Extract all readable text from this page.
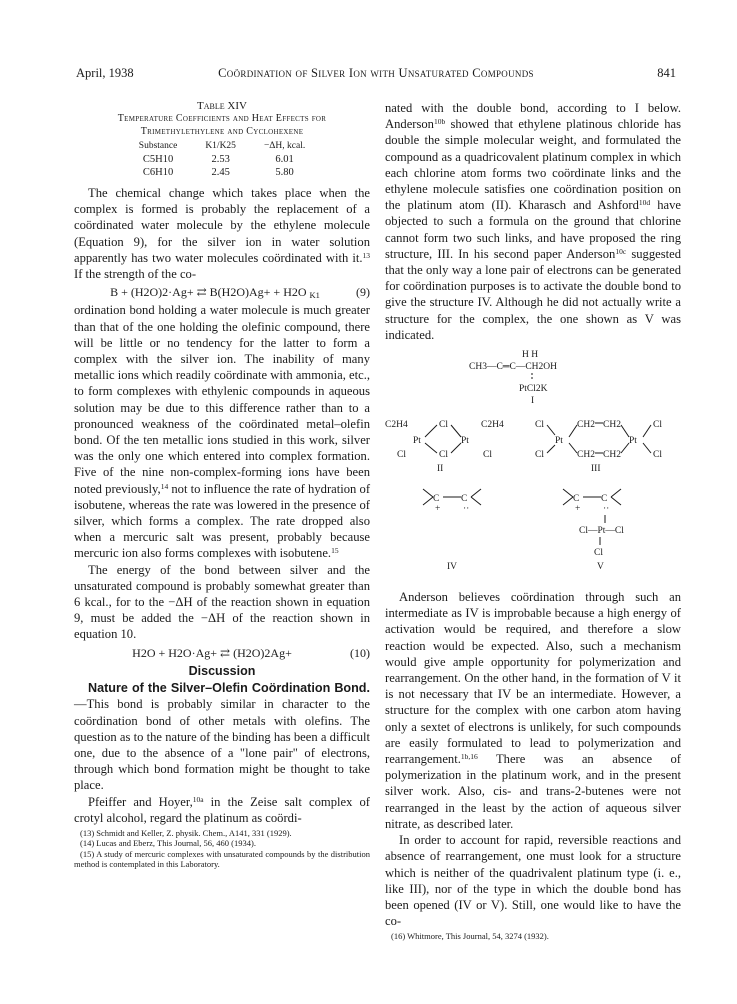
April, 1938	Coördination of Silver Ion with Unsaturated Compounds	841
Table XIV
Temperature Coefficients and Heat Effects for
Trimethylethylene and Cyclohexene
Substance	K1/K25	−ΔH, kcal.
C5H10	2.53	6.01
C6H10	2.45	5.80

The chemical change which takes place when the complex is formed is probably the replacement of a coördinated water molecule by the ethylene molecule (Equation 9), for the silver ion in water solution apparently has two water molecules coördinated with it.$^{13}$ If the strength of the co-

B + (H2O)2·Ag+ ⇄ B(H2O)Ag+ + H2O $_{K1}$	(9)

ordination bond holding a water molecule is much greater than that of the one holding the olefinic compound, there will be little or no tendency for the latter to form a complex with the silver ion. The inability of many metallic ions which readily coördinate with ammonia, etc., to form complexes with ethylenic compounds in aqueous solution may be due to this difference rather than to a pronounced weakness of the coördinated metal–olefin bond. Of the ten metallic ions studied in this work, silver was the only one which entered into complex formation. Five of the nine non-complex-forming ions have been noted previously,$^{14}$ not to influence the rate of hydration of isobutene, whereas the rate was lowered in the presence of silver, which forms a complex. The rate dropped also when a mercuric salt was present, probably because mercuric ion also forms complexes with isobutene.$^{15}$

The energy of the bond between silver and the unsaturated compound is probably somewhat greater than 6 kcal., for to the −ΔH of the reaction shown in equation 9, must be added the −ΔH of the reaction shown in equation 10.

H2O + H2O·Ag+ ⇄ (H2O)2Ag+	(10)
Discussion

Nature of the Silver–Olefin Coördination Bond.—This bond is probably similar in character to the coördination bond of other metals with olefins. The question as to the nature of the binding has been a difficult one, due to the absence of a "lone pair" of electrons, through which bond formation might be thought to take place.

Pfeiffer and Hoyer,$^{10a}$ in the Zeise salt complex of crotyl alcohol, regard the platinum as coördi-

(13) Schmidt and Keller, Z. physik. Chem., A141, 331 (1929).
(14) Lucas and Eberz, This Journal, 56, 460 (1934).
(15) A study of mercuric complexes with unsaturated compounds by the distribution method is contemplated in this Laboratory.

nated with the double bond, according to I below. Anderson$^{10b}$ showed that ethylene platinous chloride has double the simple molecular weight, and formulated the compound as a quadricovalent platinum complex in which each chlorine atom forms two coördinate links and the ethylene molecule satisfies one coördination position on the platinum atom (II). Kharasch and Ashford$^{10d}$ have objected to such a formula on the ground that chlorine cannot form two such links, and have proposed the ring structure, III. In his second paper Anderson$^{10c}$ suggested that the only way a lone pair of electrons can be generated for coördination purposes is to activate the double bond to give the structure IV. Although he did not actually write a structure for the complex, the one shown as V was indicated.

H H
CH3—C═C—CH2OH
PtCl2K
I
C2H4
Pt
Cl
Cl
Pt
C2H4
Cl	Cl
II
Cl
Cl
Pt
CH2 CH2
CH2 CH2
Pt
Cl
Cl
III
C C
+ ··
IV
C C
+ ··
Cl—Pt—Cl
Cl
V

Anderson believes coördination through such an intermediate as IV is improbable because a high energy of activation would be required, and therefore a slow reaction would be expected. Also, such a mechanism would give ample opportunity for polymerization and rearrangement. On the other hand, in the formation of V it is not necessary that IV be an intermediate. However, a structure for the complex with one carbon atom having only a sextet of electrons is unlikely, for such compounds are easily formulated to lead to polymerization and rearrangement.$^{1b,16}$ There was an absence of polymerization in the platinum work, and in the present silver work. Also, cis- and trans-2-butenes were not rearranged in the least by the action of aqueous silver nitrate, as described later.

In order to account for rapid, reversible reactions and absence of rearrangement, one must look for a structure which is neither of the quadrivalent platinum type (i. e., like III), nor of the type in which the double bond has been opened (IV or V). Still, one would like to have the co-

(16) Whitmore, This Journal, 54, 3274 (1932).
